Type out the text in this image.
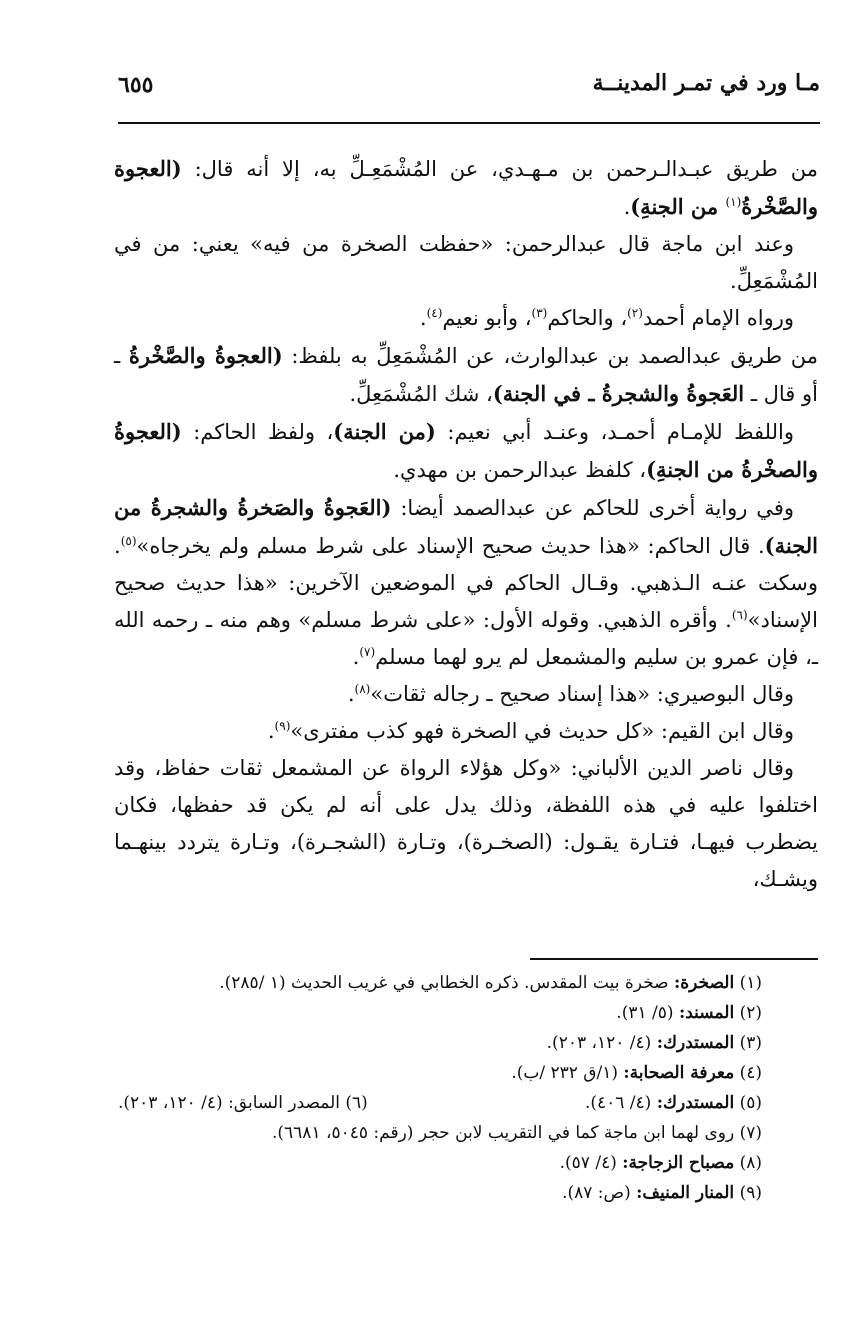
مـا ورد في تمـر المدينــة
٦٥٥

من طريق عبـدالـرحمن بن مـهـدي، عن المُشْمَعِـلِّ به، إلا أنه قال: (العجوة والصَّخْرةُ$^{(١)}$ من الجنةِ).

وعند ابن ماجة قال عبدالرحمن: «حفظت الصخرة من فيه» يعني: من في المُشْمَعِلِّ.

ورواه الإمام أحمد$^{(٢)}$، والحاكم$^{(٣)}$، وأبو نعيم$^{(٤)}$.

من طريق عبدالصمد بن عبدالوارث، عن المُشْمَعِلِّ به بلفظ: (العجوةُ والصَّخْرةُ ـ أو قال ـ العَجوةُ والشجرةُ ـ في الجنة)، شك المُشْمَعِلِّ.

واللفظ للإمـام أحمـد، وعنـد أبي نعيم: (من الجنة)، ولفظ الحاكم: (العجوةُ والصخْرةُ من الجنةِ)، كلفظ عبدالرحمن بن مهدي.

وفي رواية أخرى للحاكم عن عبدالصمد أيضا: (العَجوةُ والصَخرةُ والشجرةُ من الجنة). قال الحاكم: «هذا حديث صحيح الإسناد على شرط مسلم ولم يخرجاه»$^{(٥)}$. وسكت عنـه الـذهبي. وقـال الحاكم في الموضعين الآخرين: «هذا حديث صحيح الإسناد»$^{(٦)}$. وأقره الذهبي. وقوله الأول: «على شرط مسلم» وهم منه ـ رحمه الله ـ، فإن عمرو بن سليم والمشمعل لم يرو لهما مسلم$^{(٧)}$.

وقال البوصيري: «هذا إسناد صحيح ـ رجاله ثقات»$^{(٨)}$.

وقال ابن القيم: «كل حديث في الصخرة فهو كذب مفترى»$^{(٩)}$.

وقال ناصر الدين الألباني: «وكل هؤلاء الرواة عن المشمعل ثقات حفاظ، وقد اختلفوا عليه في هذه اللفظة، وذلك يدل على أنه لم يكن قد حفظها، فكان يضطرب فيهـا، فتـارة يقـول: (الصخـرة)، وتـارة (الشجـرة)، وتـارة يتردد بينهـما ويشـك،

(١) الصخرة: صخرة بيت المقدس. ذكره الخطابي في غريب الحديث (١ /٢٨٥).
(٢) المسند: (٥/ ٣١).
(٣) المستدرك: (٤/ ١٢٠، ٢٠٣).
(٤) معرفة الصحابة: (١/ق ٢٣٢ /ب).
(٥) المستدرك: (٤/ ٤٠٦).
(٦) المصدر السابق: (٤/ ١٢٠، ٢٠٣).
(٧) روى لهما ابن ماجة كما في التقريب لابن حجر (رقم: ٥٠٤٥، ٦٦٨١).
(٨) مصباح الزجاجة: (٤/ ٥٧).
(٩) المنار المنيف: (ص: ٨٧).
